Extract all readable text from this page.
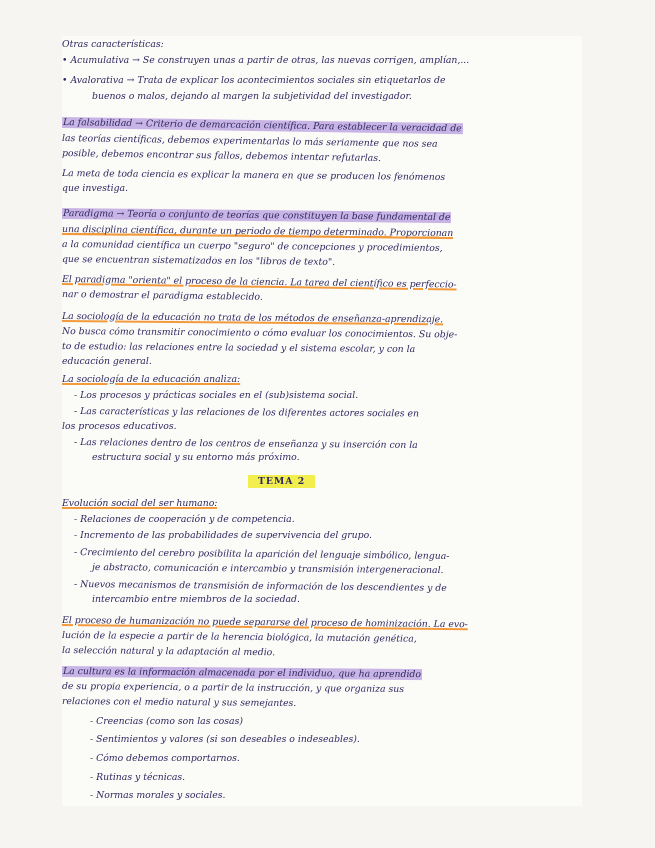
Otras características:

• Acumulativa → Se construyen unas a partir de otras, las nuevas corrigen, amplían,...

• Avalorativa → Trata de explicar los acontecimientos sociales sin etiquetarlos de

buenos o malos, dejando al margen la subjetividad del investigador.

La falsabilidad → Criterio de demarcación científica. Para establecer la veracidad de

las teorías científicas, debemos experimentarlas lo más seriamente que nos sea

posible, debemos encontrar sus fallos, debemos intentar refutarlas.

La meta de toda ciencia es explicar la manera en que se producen los fenómenos

que investiga.

Paradigma → Teoría o conjunto de teorías que constituyen la base fundamental de

una disciplina científica, durante un periodo de tiempo determinado. Proporcionan

a la comunidad científica un cuerpo "seguro" de concepciones y procedimientos,

que se encuentran sistematizados en los "libros de texto".

El paradigma "orienta" el proceso de la ciencia. La tarea del científico es perfeccio-

nar o demostrar el paradigma establecido.

La sociología de la educación no trata de los métodos de enseñanza-aprendizaje.

No busca cómo transmitir conocimiento o cómo evaluar los conocimientos. Su obje-

to de estudio: las relaciones entre la sociedad y el sistema escolar, y con la

educación general.

La sociología de la educación analiza:

- Los procesos y prácticas sociales en el (sub)sistema social.

- Las características y las relaciones de los diferentes actores sociales en

los procesos educativos.

- Las relaciones dentro de los centros de enseñanza y su inserción con la

estructura social y su entorno más próximo.

TEMA 2

Evolución social del ser humano:

- Relaciones de cooperación y de competencia.

- Incremento de las probabilidades de supervivencia del grupo.

- Crecimiento del cerebro posibilita la aparición del lenguaje simbólico, lengua-

je abstracto, comunicación e intercambio y transmisión intergeneracional.

- Nuevos mecanismos de transmisión de información de los descendientes y de

intercambio entre miembros de la sociedad.

El proceso de humanización no puede separarse del proceso de hominización. La evo-

lución de la especie a partir de la herencia biológica, la mutación genética,

la selección natural y la adaptación al medio.

La cultura es la información almacenada por el individuo, que ha aprendido

de su propia experiencia, o a partir de la instrucción, y que organiza sus

relaciones con el medio natural y sus semejantes.

- Creencias (como son las cosas)

- Sentimientos y valores (si son deseables o indeseables).

- Cómo debemos comportarnos.

- Rutinas y técnicas.

- Normas morales y sociales.
